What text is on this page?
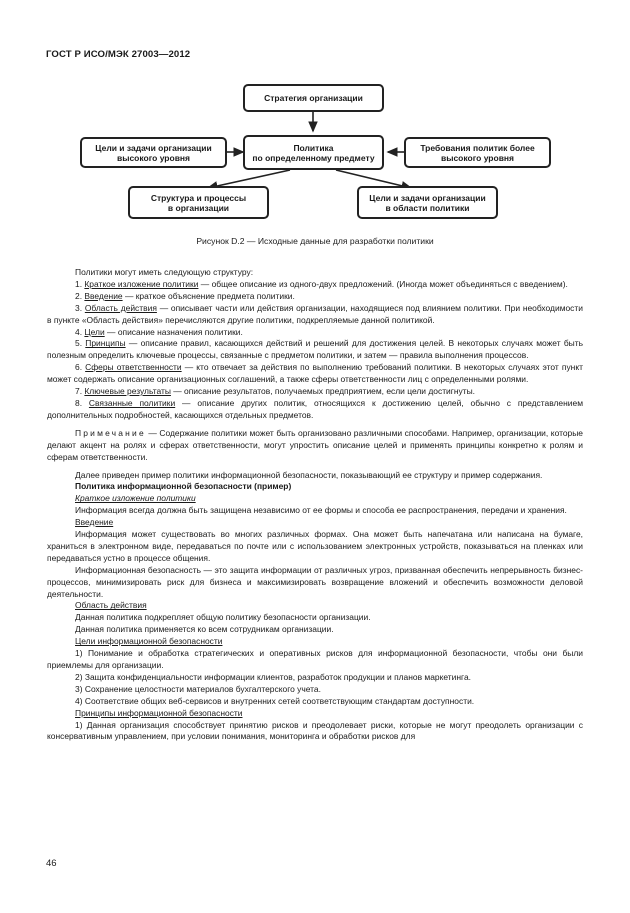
ГОСТ Р ИСО/МЭК 27003—2012
Стратегия организации
Цели и задачи организации
высокого уровня
Политика
по определенному предмету
Требования политик более
высокого уровня
Структура и процессы
в организации
Цели и задачи организации
в области политики
Рисунок D.2 — Исходные данные для разработки политики

Политики могут иметь следующую структуру:

1. Краткое изложение политики — общее описание из одного-двух предложений. (Иногда может объединяться с введением).

2. Введение — краткое объяснение предмета политики.

3. Область действия — описывает части или действия организации, находящиеся под влиянием политики. При необходимости в пункте «Область действия» перечисляются другие политики, подкрепляемые данной политикой.

4. Цели — описание назначения политики.

5. Принципы — описание правил, касающихся действий и решений для достижения целей. В некоторых случаях может быть полезным определить ключевые процессы, связанные с предметом политики, и затем — правила выполнения процессов.

6. Сферы ответственности — кто отвечает за действия по выполнению требований политики. В некоторых случаях этот пункт может содержать описание организационных соглашений, а также сферы ответственности лиц с определенными ролями.

7. Ключевые результаты — описание результатов, получаемых предприятием, если цели достигнуты.

8. Связанные политики — описание других политик, относящихся к достижению целей, обычно с представлением дополнительных подробностей, касающихся отдельных предметов.

Примечание — Содержание политики может быть организовано различными способами. Например, организации, которые делают акцент на ролях и сферах ответственности, могут упростить описание целей и применять принципы конкретно к ролям и сферам ответственности.

Далее приведен пример политики информационной безопасности, показывающий ее структуру и пример содержания.

Политика информационной безопасности (пример)

Краткое изложение политики

Информация всегда должна быть защищена независимо от ее формы и способа ее распространения, передачи и хранения.

Введение

Информация может существовать во многих различных формах. Она может быть напечатана или написана на бумаге, храниться в электронном виде, передаваться по почте или с использованием электронных устройств, показываться на пленках или передаваться устно в процессе общения.

Информационная безопасность — это защита информации от различных угроз, призванная обеспечить непрерывность бизнес-процессов, минимизировать риск для бизнеса и максимизировать возвращение вложений и обеспечить возможности деловой деятельности.

Область действия

Данная политика подкрепляет общую политику безопасности организации.

Данная политика применяется ко всем сотрудникам организации.

Цели информационной безопасности

1) Понимание и обработка стратегических и оперативных рисков для информационной безопасности, чтобы они были приемлемы для организации.

2) Защита конфиденциальности информации клиентов, разработок продукции и планов маркетинга.

3) Сохранение целостности материалов бухгалтерского учета.

4) Соответствие общих веб-сервисов и внутренних сетей соответствующим стандартам доступности.

Принципы информационной безопасности

1) Данная организация способствует принятию рисков и преодолевает риски, которые не могут преодолеть организации с консервативным управлением, при условии понимания, мониторинга и обработки рисков для

46
